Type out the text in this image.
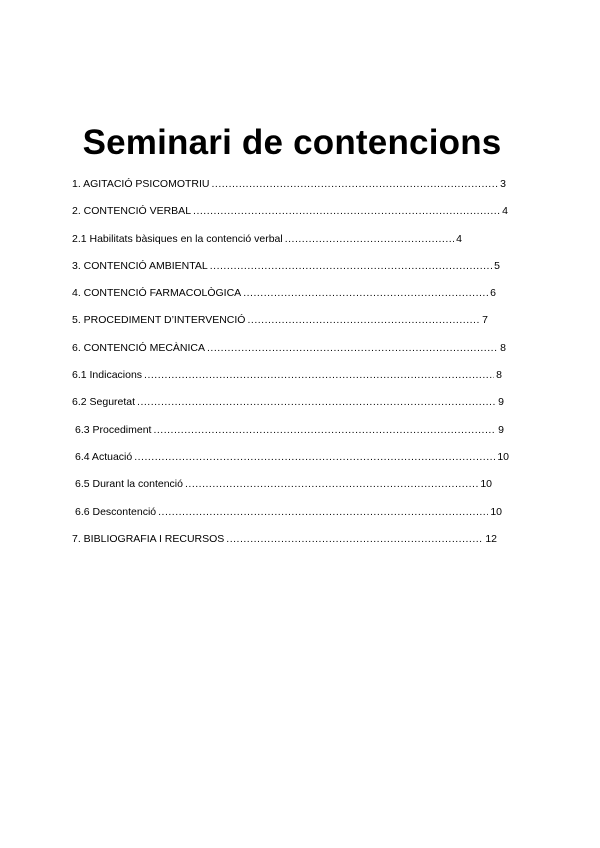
Seminari de contencions
1. AGITACIÓ PSICOMOTRIU .....	3
2. CONTENCIÓ VERBAL .....	4
2.1 Habilitats bàsiques en la contenció verbal .....	4
3. CONTENCIÓ AMBIENTAL .....	5
4. CONTENCIÓ FARMACOLÒGICA .....	6
5. PROCEDIMENT D’INTERVENCIÓ .....	7
6. CONTENCIÓ MECÀNICA .....	8
6.1 Indicacions .....	8
6.2 Seguretat .....	9
6.3 Procediment .....	9
6.4 Actuació .....	10
6.5 Durant la contenció .....	10
6.6 Descontenció .....	10
7. BIBLIOGRAFIA I RECURSOS .....	12
